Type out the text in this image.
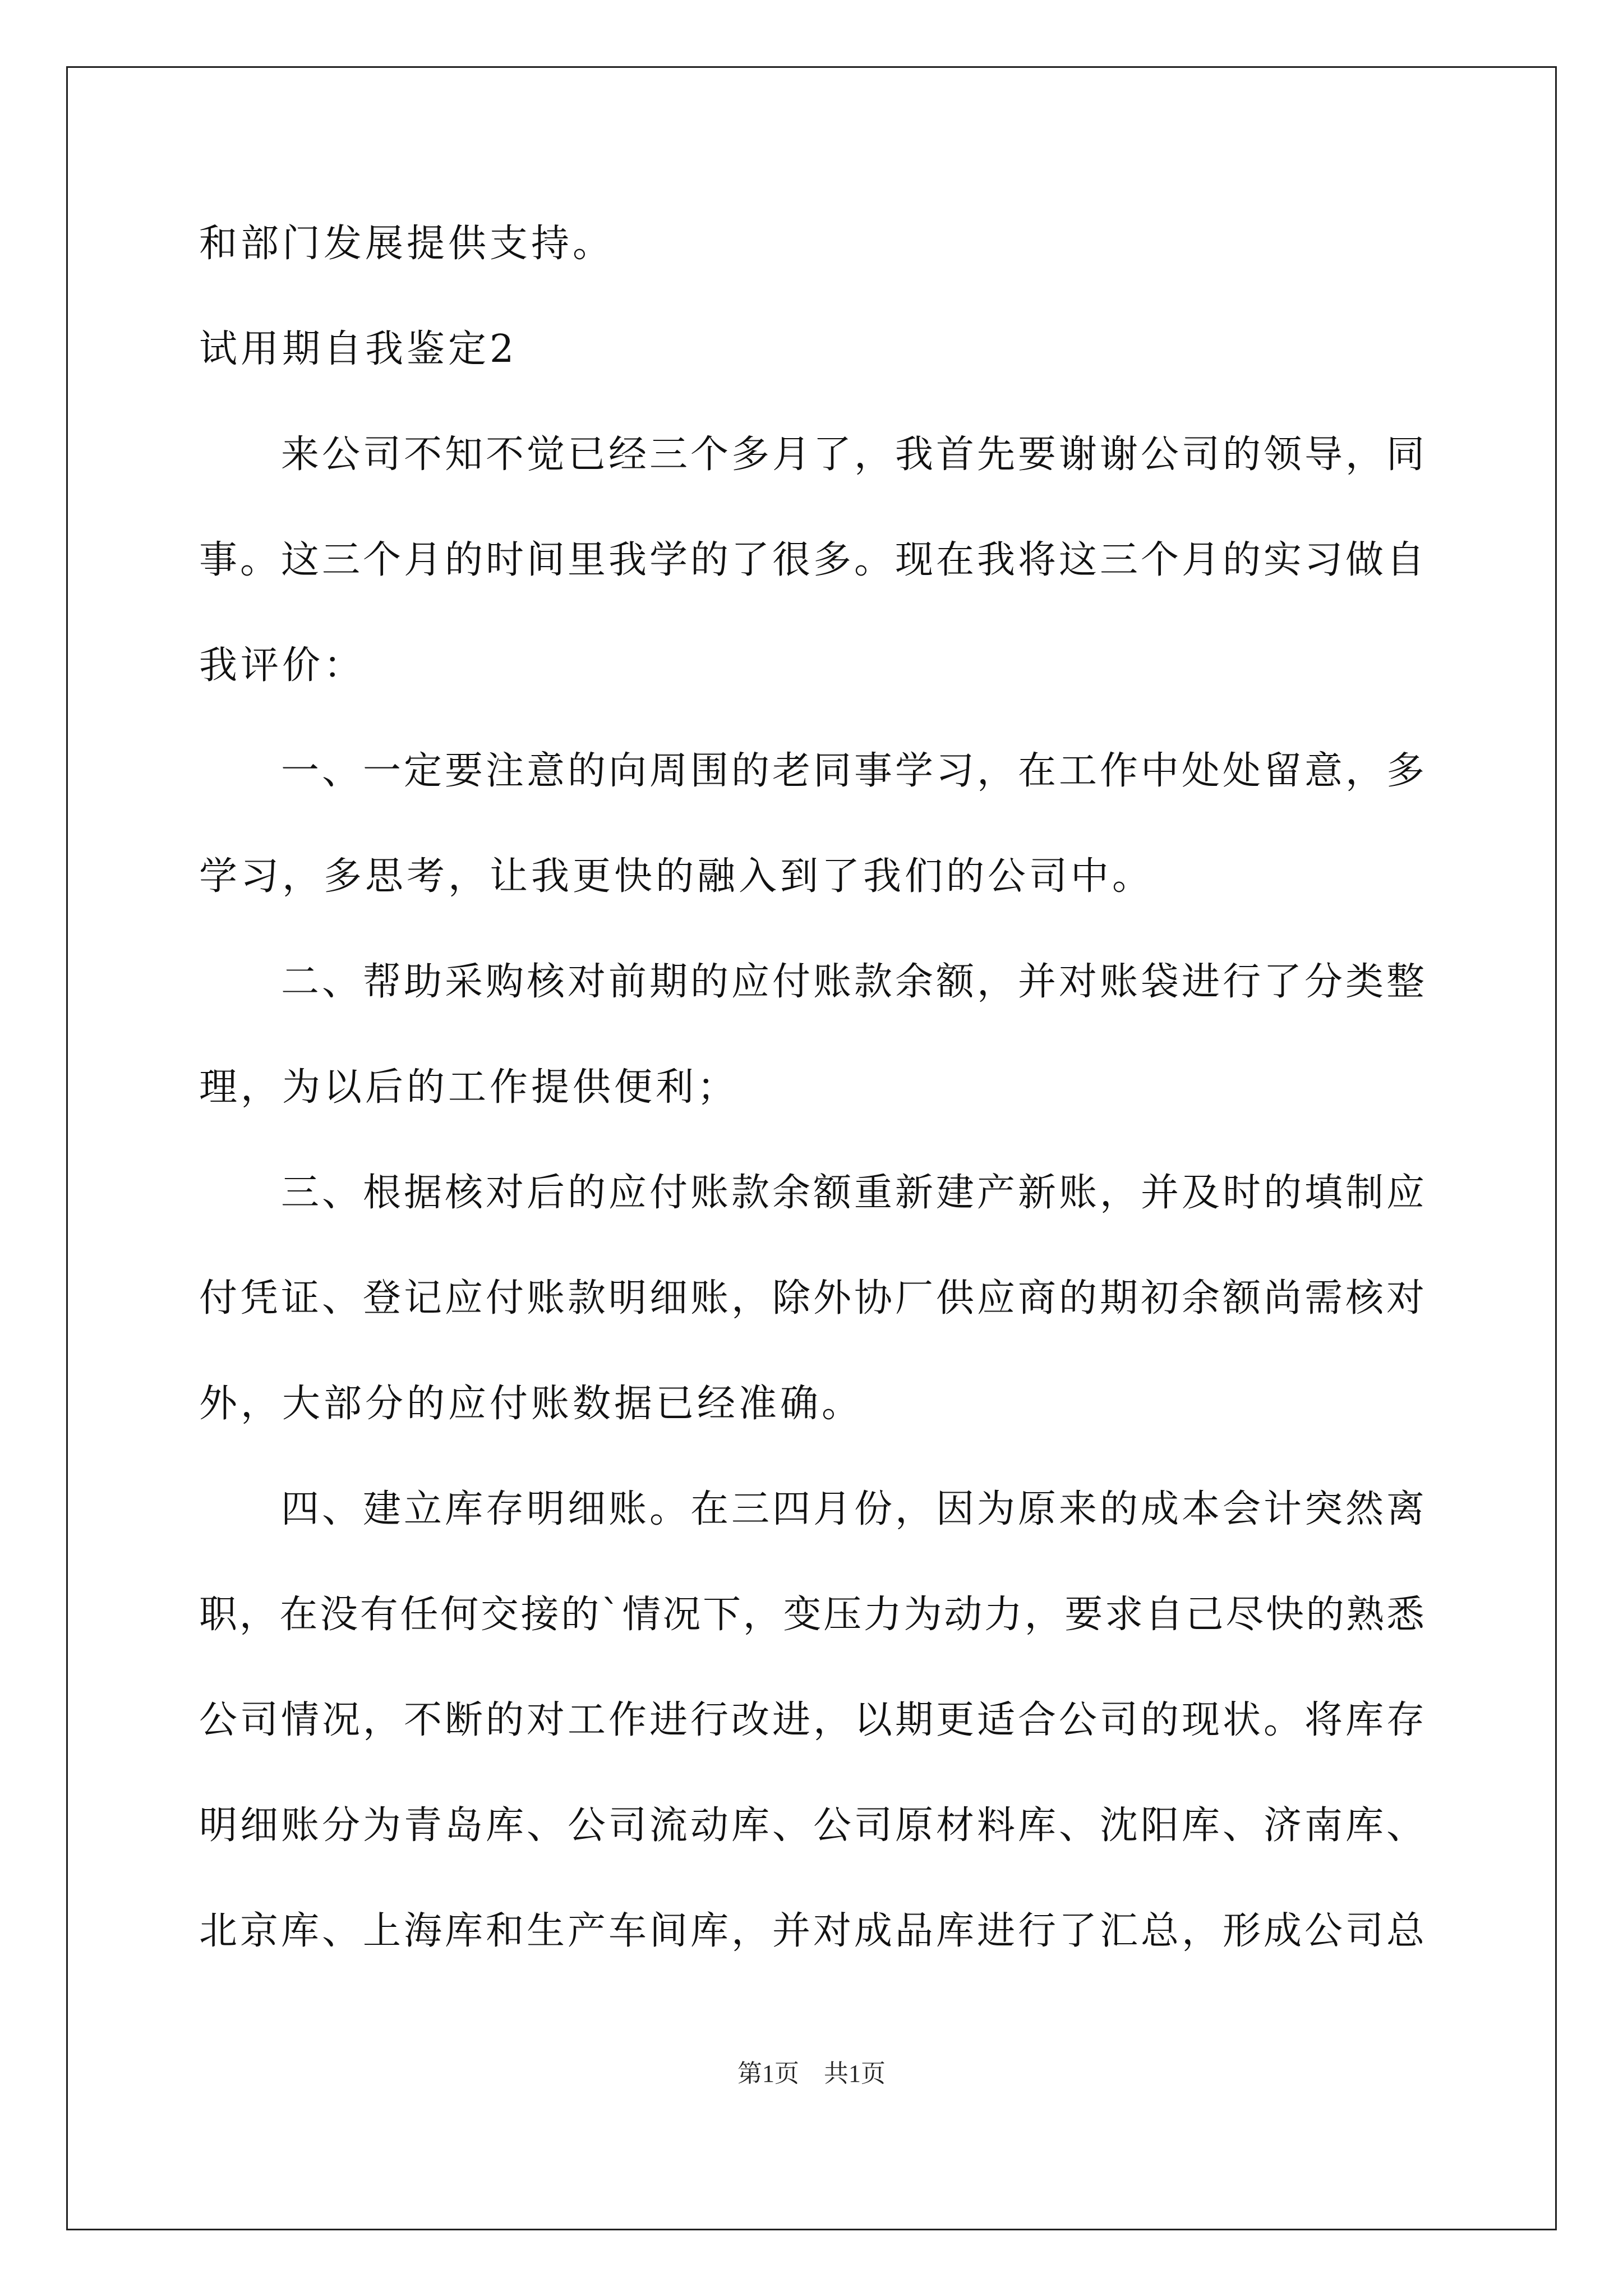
和部门发展提供支持。
试用期自我鉴定2
来公司不知不觉已经三个多月了，我首先要谢谢公司的领导，同
事。这三个月的时间里我学的了很多。现在我将这三个月的实习做自
我评价：
一、一定要注意的向周围的老同事学习，在工作中处处留意，多
学习，多思考，让我更快的融入到了我们的公司中。
二、帮助采购核对前期的应付账款余额，并对账袋进行了分类整
理，为以后的工作提供便利；
三、根据核对后的应付账款余额重新建产新账，并及时的填制应
付凭证、登记应付账款明细账，除外协厂供应商的期初余额尚需核对
外，大部分的应付账数据已经准确。
四、建立库存明细账。在三四月份，因为原来的成本会计突然离
职，在没有任何交接的`情况下，变压力为动力，要求自己尽快的熟悉
公司情况，不断的对工作进行改进，以期更适合公司的现状。将库存
明细账分为青岛库、公司流动库、公司原材料库、沈阳库、济南库、
北京库、上海库和生产车间库，并对成品库进行了汇总，形成公司总
第1页　共1页
